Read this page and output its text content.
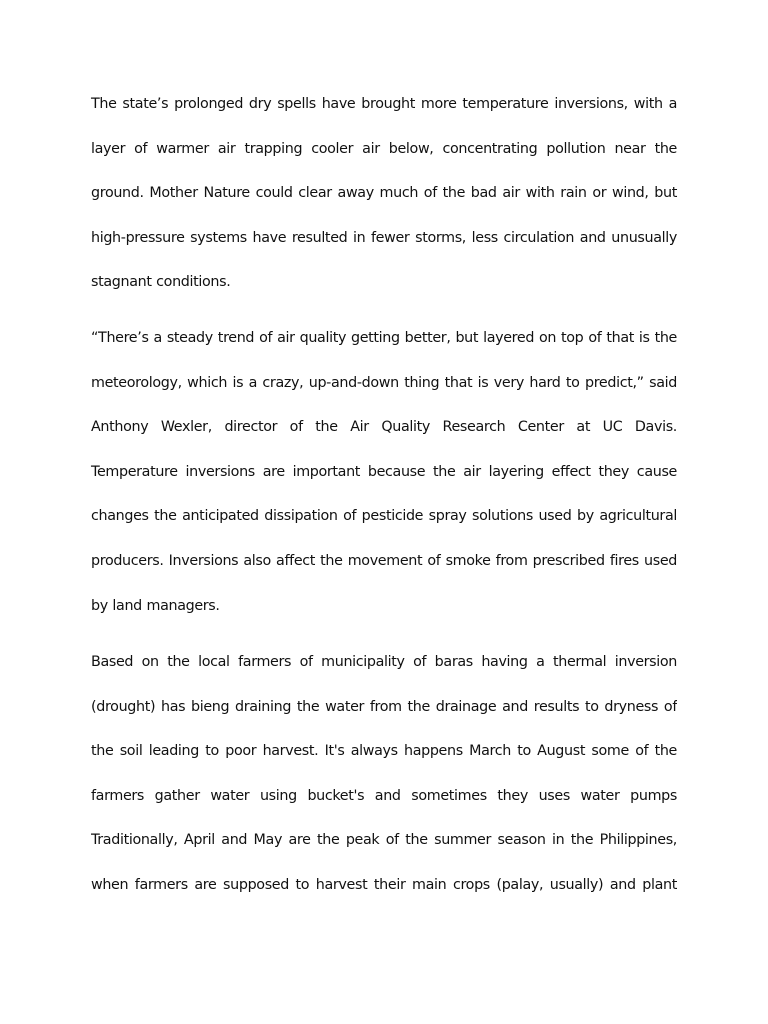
The state’s prolonged dry spells have brought more temperature inversions, with a layer of warmer air trapping cooler air below, concentrating pollution near the ground. Mother Nature could clear away much of the bad air with rain or wind, but high-pressure systems have resulted in fewer storms, less circulation and unusually stagnant conditions.

“There’s a steady trend of air quality getting better, but layered on top of that is the meteorology, which is a crazy, up-and-down thing that is very hard to predict,” said Anthony Wexler, director of the Air Quality Research Center at UC Davis. Temperature inversions are important because the air layering effect they cause changes the anticipated dissipation of pesticide spray solutions used by agricultural producers. Inversions also affect the movement of smoke from prescribed fires used by land managers.

Based on the local farmers of municipality of baras having a thermal inversion (drought) has bieng draining the water from the drainage and results to dryness of the soil leading to poor harvest. It's always happens March to August some of the farmers gather water using bucket's and sometimes they uses water pumps Traditionally, April and May are the peak of the summer season in the Philippines, when farmers are supposed to harvest their main crops (palay, usually) and plant
